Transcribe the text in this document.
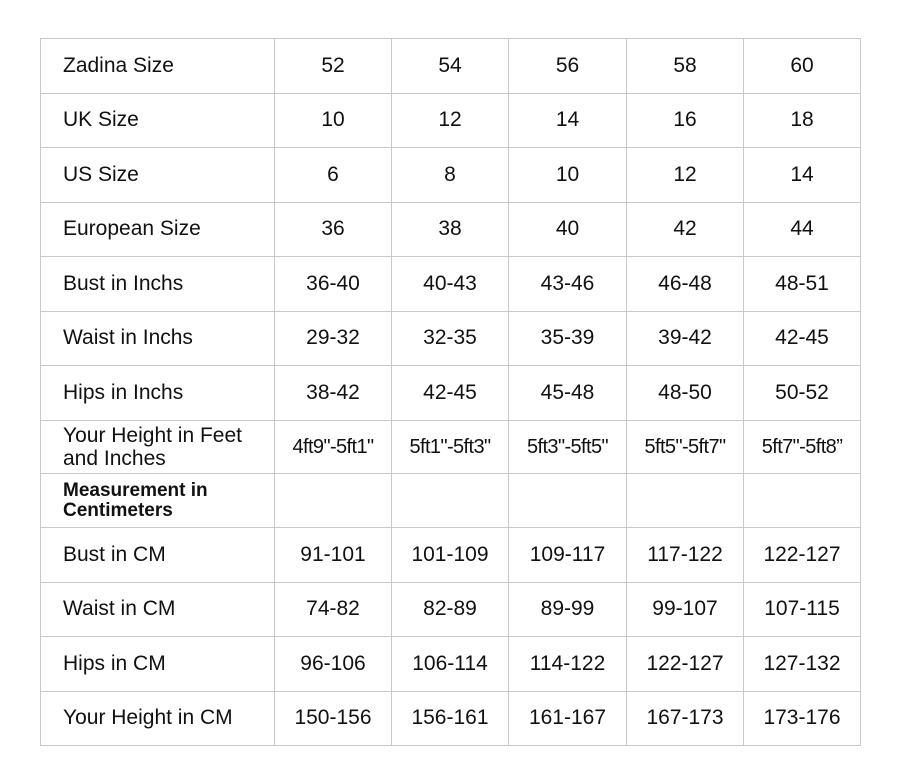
Zadina Size	52	54	56	58	60
UK Size	10	12	14	16	18
US Size	6	8	10	12	14
European Size	36	38	40	42	44
Bust in Inchs	36-40	40-43	43-46	46-48	48-51
Waist in Inchs	29-32	32-35	35-39	39-42	42-45
Hips in Inchs	38-42	42-45	45-48	48-50	50-52
Your Height in Feet and Inches	4ft9"-5ft1"	5ft1"-5ft3"	5ft3"-5ft5"	5ft5"-5ft7"	5ft7"-5ft8”
Measurement in Centimeters					
Bust in CM	91-101	101-109	109-117	117-122	122-127
Waist in CM	74-82	82-89	89-99	99-107	107-115
Hips in CM	96-106	106-114	114-122	122-127	127-132
Your Height in CM	150-156	156-161	161-167	167-173	173-176
